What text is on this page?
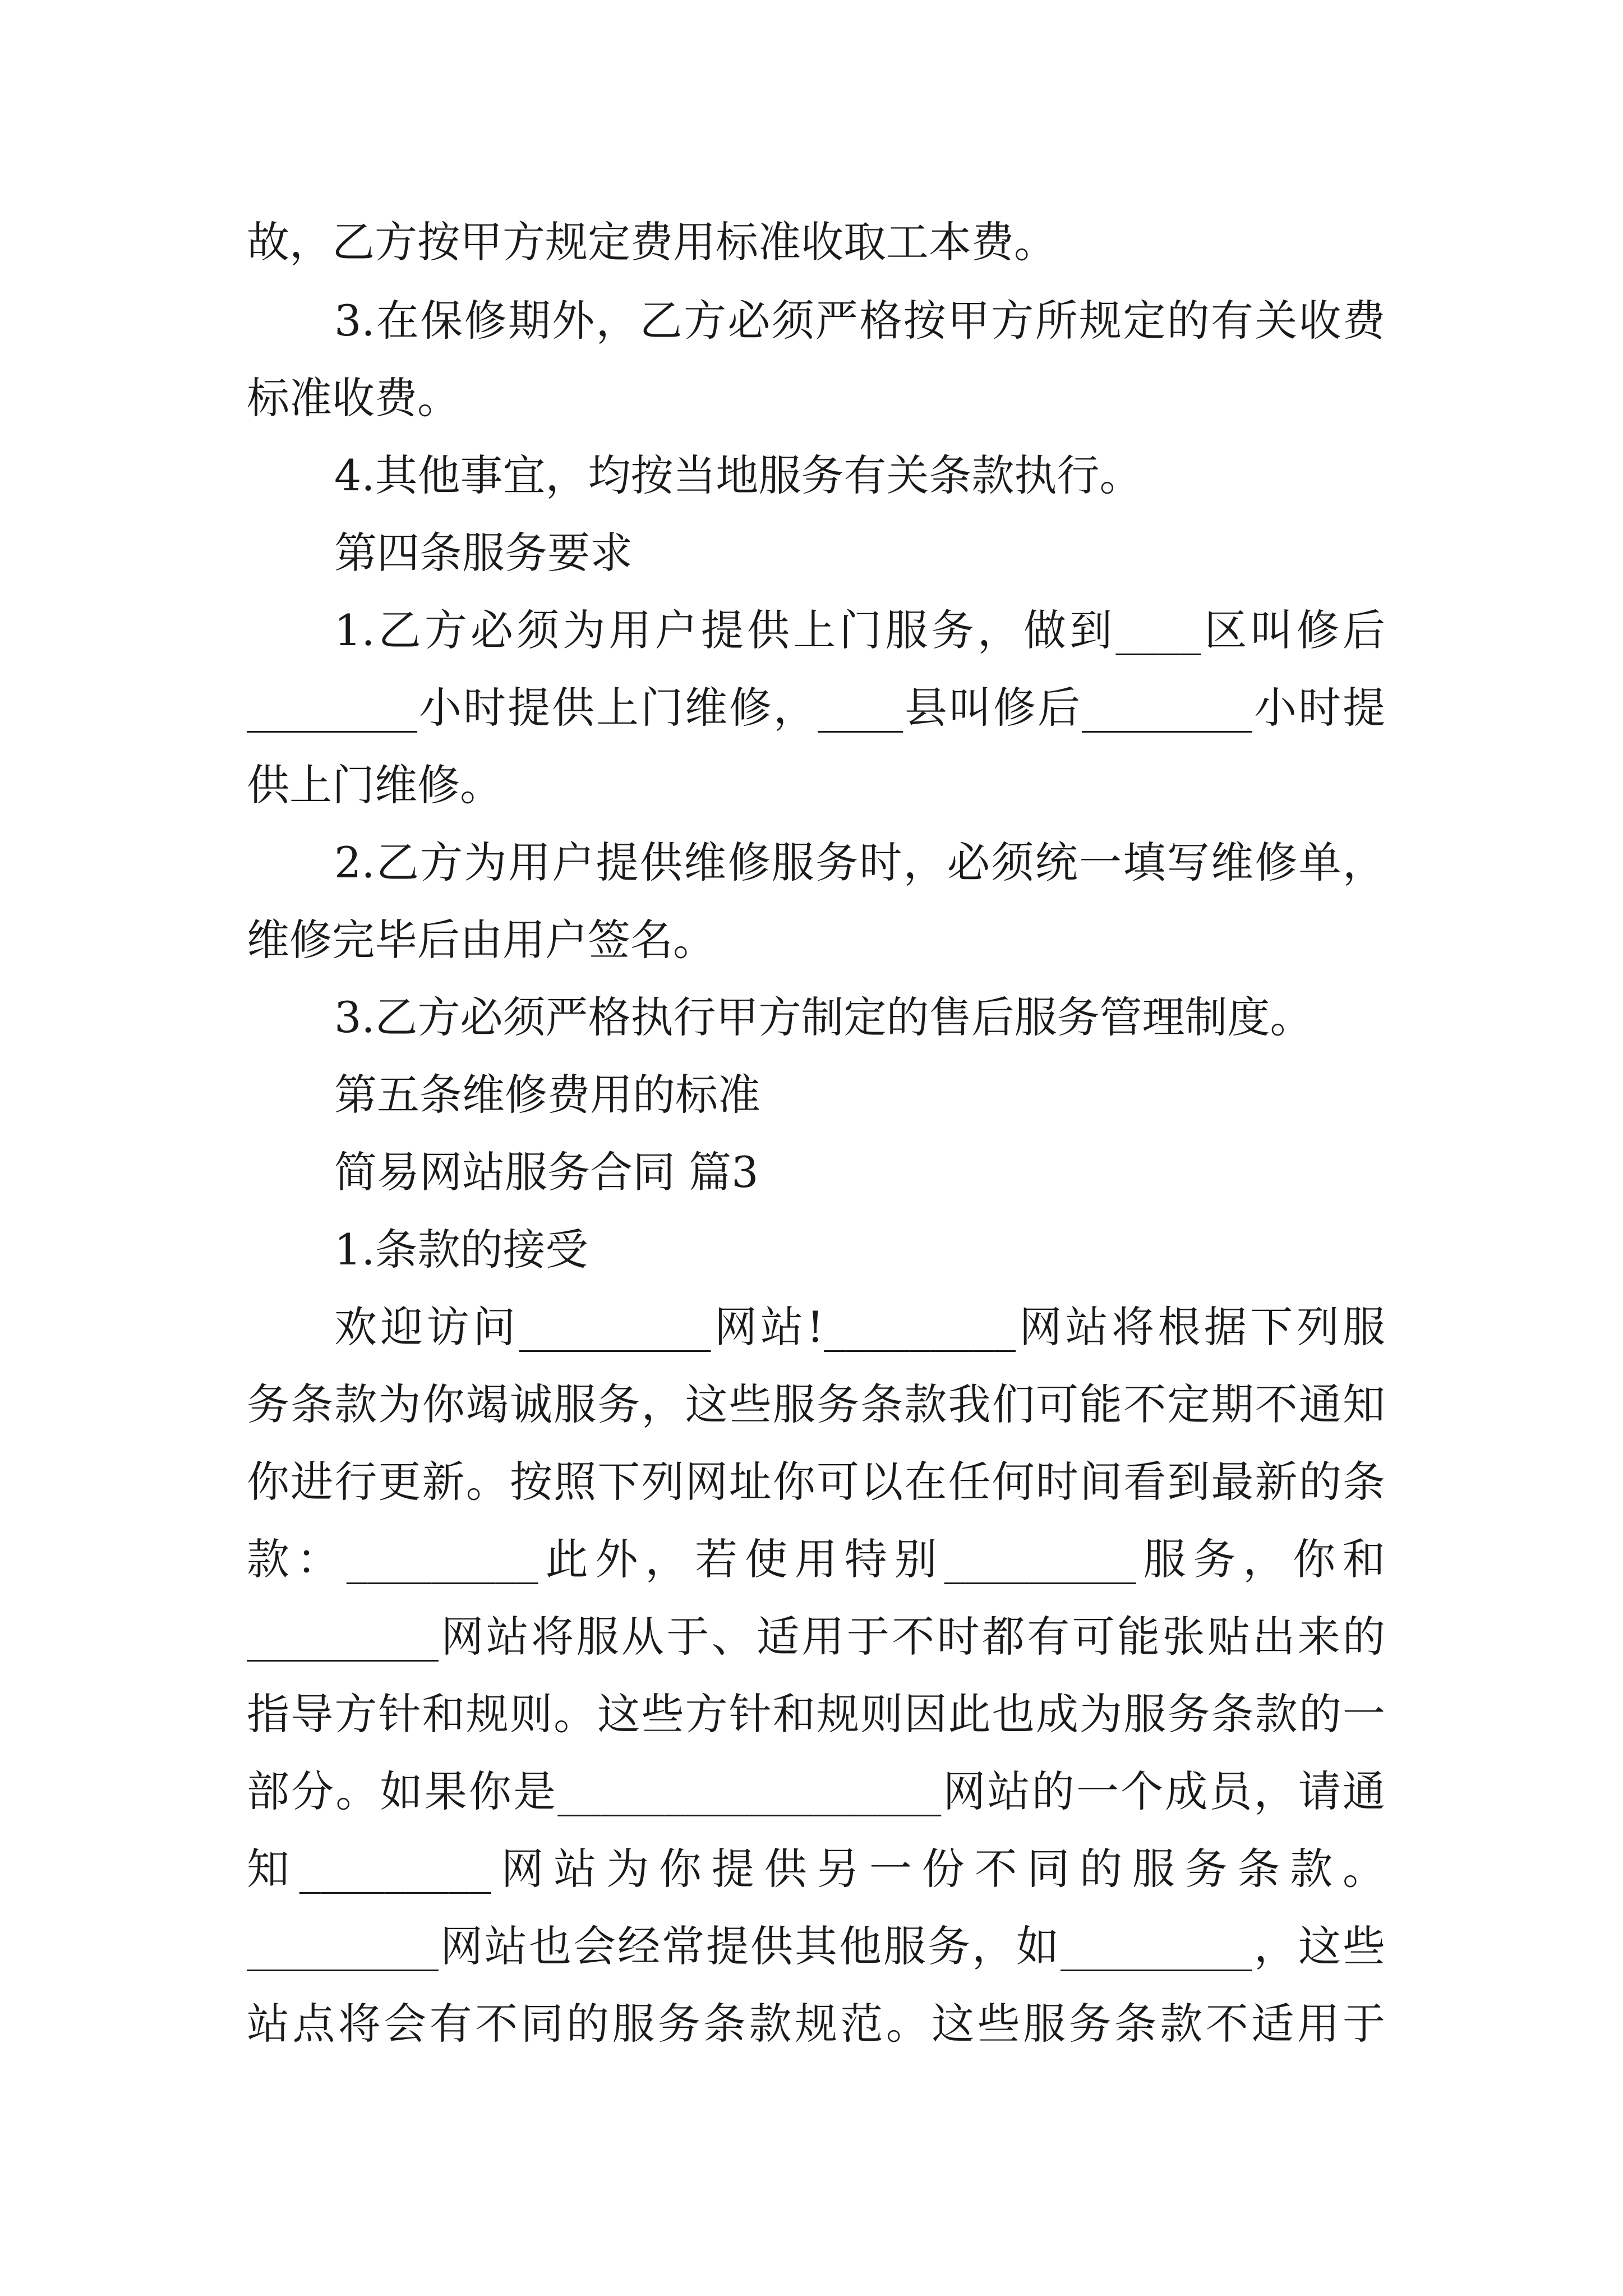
故，乙方按甲方规定费用标准收取工本费。
3.在保修期外，乙方必须严格按甲方所规定的有关收费
标准收费。
4.其他事宜，均按当地服务有关条款执行。
第四条服务要求
1.乙方必须为用户提供上门服务，做到____区叫修后
________小时提供上门维修，____县叫修后________小时提
供上门维修。
2.乙方为用户提供维修服务时，必须统一填写维修单，
维修完毕后由用户签名。
3.乙方必须严格执行甲方制定的售后服务管理制度。
第五条维修费用的标准
简易网站服务合同 篇3
1.条款的接受
欢迎访问_________网站!_________网站将根据下列服
务条款为你竭诚服务，这些服务条款我们可能不定期不通知
你进行更新。按照下列网址你可以在任何时间看到最新的条
款：_________此外，若使用特别_________服务，你和
_________网站将服从于、适用于不时都有可能张贴出来的
指导方针和规则。这些方针和规则因此也成为服务条款的一
部分。如果你是__________________网站的一个成员，请通
知_________网站为你提供另一份不同的服务条款。
_________网站也会经常提供其他服务，如_________，这些
站点将会有不同的服务条款规范。这些服务条款不适用于
